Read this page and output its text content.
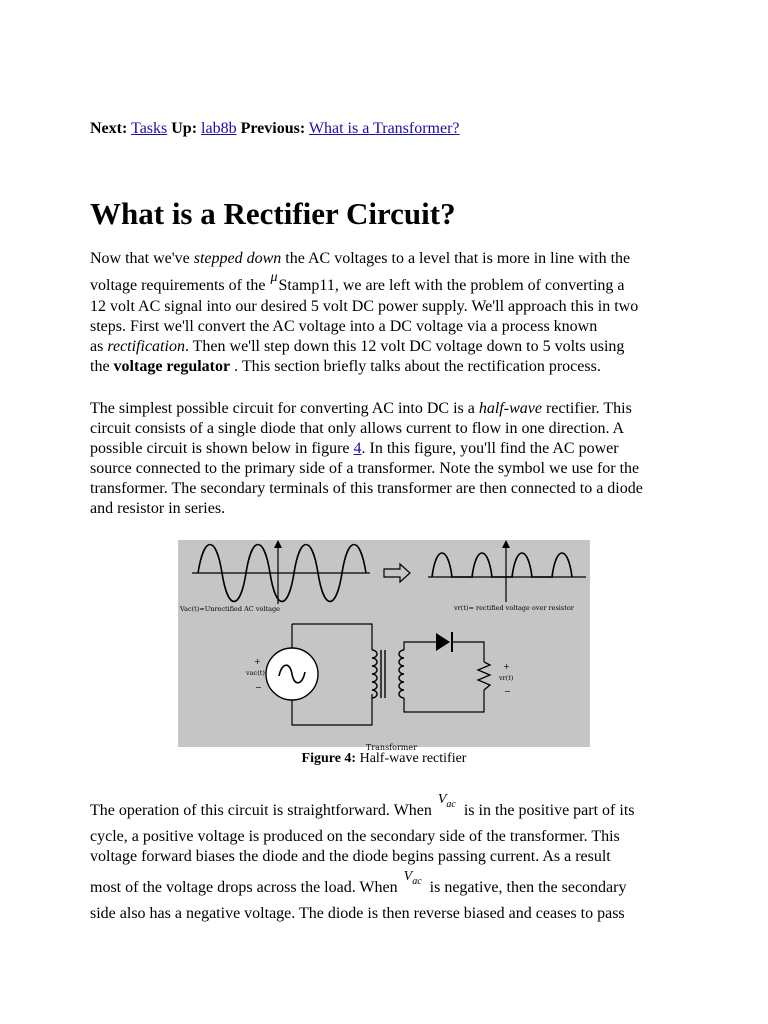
Next: Tasks Up: lab8b Previous: What is a Transformer?
What is a Rectifier Circuit?
Now that we've stepped down the AC voltages to a level that is more in line with the
voltage requirements of the μStamp11, we are left with the problem of converting a
12 volt AC signal into our desired 5 volt DC power supply. We'll approach this in two
steps. First we'll convert the AC voltage into a DC voltage via a process known
as rectification. Then we'll step down this 12 volt DC voltage down to 5 volts using
the voltage regulator . This section briefly talks about the rectification process.
The simplest possible circuit for converting AC into DC is a half-wave rectifier. This
circuit consists of a single diode that only allows current to flow in one direction. A
possible circuit is shown below in figure 4. In this figure, you'll find the AC power
source connected to the primary side of a transformer. Note the symbol we use for the
transformer. The secondary terminals of this transformer are then connected to a diode
and resistor in series.
Vac(t)=Unrectified AC voltage	vr(t)= rectified voltage over resistor
+
vac(t)
−
Transformer
+
vr(t)
−
Figure 4: Half-wave rectifier
The operation of this circuit is straightforward. WhenV$_{ac}$ is in the positive part of its
cycle, a positive voltage is produced on the secondary side of the transformer. This
voltage forward biases the diode and the diode begins passing current. As a result
most of the voltage drops across the load. WhenV$_{ac}$ is negative, then the secondary
side also has a negative voltage. The diode is then reverse biased and ceases to pass
